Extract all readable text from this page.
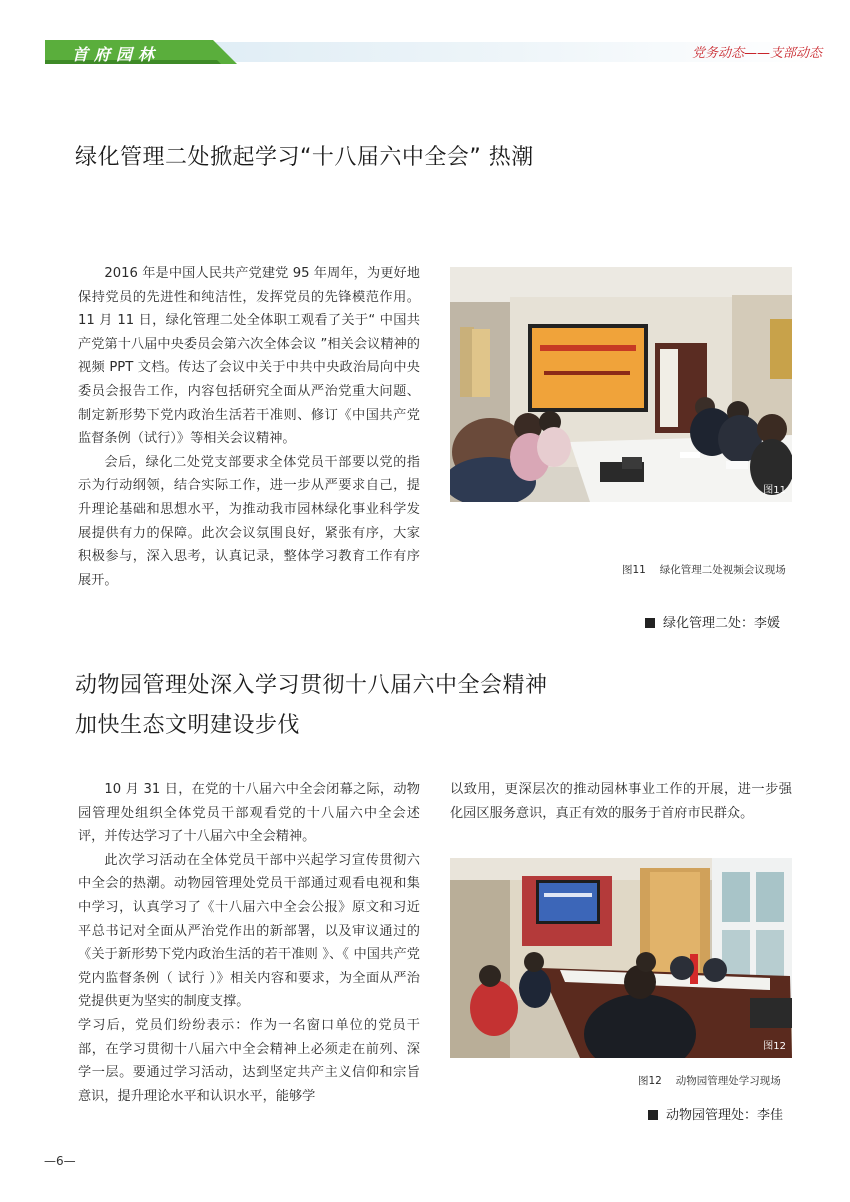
首府园林	党务动态——支部动态
绿化管理二处掀起学习“十八届六中全会” 热潮

2016 年是中国人民共产党建党 95 年周年，为更好地保持党员的先进性和纯洁性，发挥党员的先锋模范作用。11 月 11 日，绿化管理二处全体职工观看了关于“ 中国共产党第十八届中央委员会第六次全体会议 ”相关会议精神的视频 PPT 文档。传达了会议中关于中共中央政治局向中央委员会报告工作，内容包括研究全面从严治党重大问题、制定新形势下党内政治生活若干准则、修订《中国共产党监督条例（试行）》等相关会议精神。

会后，绿化二处党支部要求全体党员干部要以党的指示为行动纲领，结合实际工作，进一步从严要求自己，提升理论基础和思想水平，为推动我市园林绿化事业科学发展提供有力的保障。此次会议氛围良好，紧张有序，大家积极参与，深入思考，认真记录，整体学习教育工作有序展开。

图11
图11　 绿化管理二处视频会议现场
绿化管理二处：李媛
动物园管理处深入学习贯彻十八届六中全会精神
加快生态文明建设步伐

10 月 31 日，在党的十八届六中全会闭幕之际，动物园管理处组织全体党员干部观看党的十八届六中全会述评，并传达学习了十八届六中全会精神。

此次学习活动在全体党员干部中兴起学习宣传贯彻六中全会的热潮。动物园管理处党员干部通过观看电视和集中学习，认真学习了《十八届六中全会公报》原文和习近平总书记对全面从严治党作出的新部署，以及审议通过的《关于新形势下党内政治生活的若干准则 》、《 中国共产党党内监督条例（ 试行 ）》相关内容和要求，为全面从严治党提供更为坚实的制度支撑。

学习后，党员们纷纷表示：作为一名窗口单位的党员干部，在学习贯彻十八届六中全会精神上必须走在前列、深学一层。要通过学习活动，达到坚定共产主义信仰和宗旨意识，提升理论水平和认识水平，能够学

以致用，更深层次的推动园林事业工作的开展，进一步强化园区服务意识，真正有效的服务于首府市民群众。

图12
图12　 动物园管理处学习现场
动物园管理处：李佳
—6—
